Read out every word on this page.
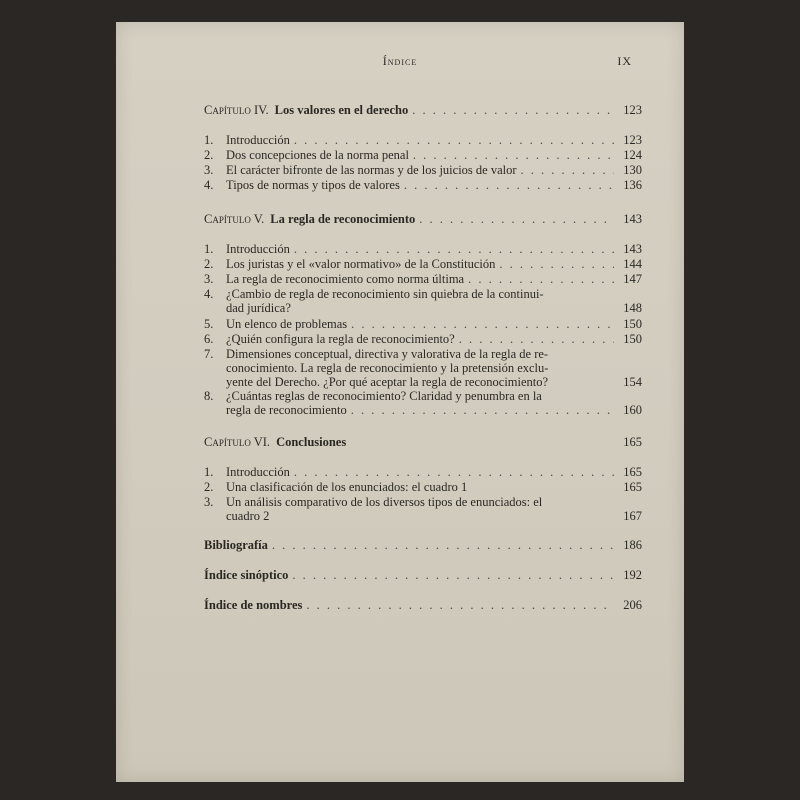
Índice	IX
Capítulo IV. Los valores en el derecho . . .	123
1.	Introducción . . .	123
2.	Dos concepciones de la norma penal . . .	124
3.	El carácter bifronte de las normas y de los juicios de valor . . .	130
4.	Tipos de normas y tipos de valores . . .	136
Capítulo V. La regla de reconocimiento . . .	143
1.	Introducción . . .	143
2.	Los juristas y el «valor normativo» de la Constitución . . .	144
3.	La regla de reconocimiento como norma última . . .	147
4.	¿Cambio de regla de reconocimiento sin quiebra de la continui-
dad jurídica?	148
5.	Un elenco de problemas . . .	150
6.	¿Quién configura la regla de reconocimiento? . . .	150
7.	Dimensiones conceptual, directiva y valorativa de la regla de re-
conocimiento. La regla de reconocimiento y la pretensión exclu-
yente del Derecho. ¿Por qué aceptar la regla de reconocimiento?	154
8.	¿Cuántas reglas de reconocimiento? Claridad y penumbra en la
regla de reconocimiento . . .	160
Capítulo VI. Conclusiones	165
1.	Introducción . . .	165
2.	Una clasificación de los enunciados: el cuadro 1	165
3.	Un análisis comparativo de los diversos tipos de enunciados: el
cuadro 2	167
Bibliografía . . .	186
Índice sinóptico . . .	192
Índice de nombres . . .	206
